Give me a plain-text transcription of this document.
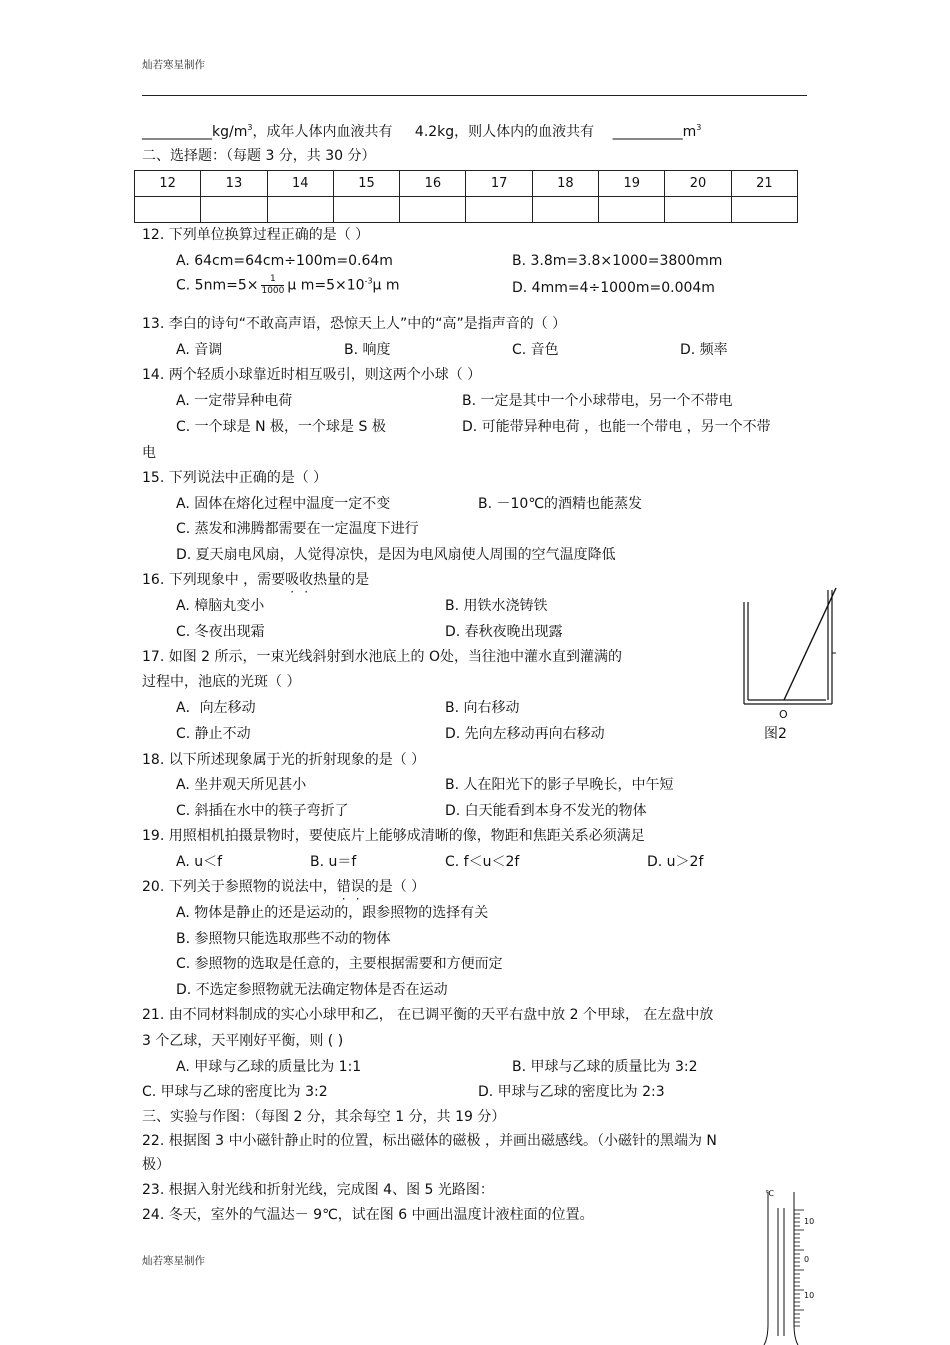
灿若寒星制作
$\_\_\_\_\_\_\_\_\_\_kg/m^3$，成年人体内血液共有 4.2kg，则人体内的血液共有 $\_\_\_\_\_\_\_\_\_\_m^3$
二、选择题：（每题 3 分，共 30 分）
12	13	14	15	16	17	18	19	20	21

12. 下列单位换算过程正确的是（ ）
A. 64cm=64cm÷100m=0.64m	B. 3.8m=3.8×1000=3800mm
C. $5nm=5\times \frac{1}{1000}$ μ $m=5\times 10^{-3}\mu$ m	D. 4mm=4÷1000m=0.004m
13. 李白的诗句“不敢高声语，恐惊天上人”中的“高”是指声音的（ ）
A. 音调	B. 响度	C. 音色	D. 频率
14. 两个轻质小球靠近时相互吸引，则这两个小球（ ）
A. 一定带异种电荷	B. 一定是其中一个小球带电，另一个不带电
C. 一个球是 N 极，一个球是 S 极	D. 可能带异种电荷 ，也能一个带电 ，另一个不带
电
15. 下列说法中正确的是（ ）
A. 固体在熔化过程中温度一定不变	B. －10℃的酒精也能蒸发
C. 蒸发和沸腾都需要在一定温度下进行
D. 夏天扇电风扇，人觉得凉快，是因为电风扇使人周围的空气温度降低
16. 下列现象中 ，需要吸收热量的是
A. 樟脑丸变小	B. 用铁水浇铸铁
C. 冬夜出现霜	D. 春秋夜晚出现露
O
17. 如图 2 所示，一束光线斜射到水池底上的 O处，当往池中灌水直到灌满的
过程中，池底的光斑（ ）
A．向左移动	B. 向右移动
C. 静止不动	D. 先向左移动再向右移动	图2
18. 以下所述现象属于光的折射现象的是（ ）
A. 坐井观天所见甚小	B. 人在阳光下的影子早晚长，中午短
C. 斜插在水中的筷子弯折了	D. 白天能看到本身不发光的物体
19. 用照相机拍摄景物时，要使底片上能够成清晰的像，物距和焦距关系必须满足
A. u＜f	B. u＝f	C. f＜u＜2f	D. u＞2f
20. 下列关于参照物的说法中，错误的是（ ）
A. 物体是静止的还是运动的，跟参照物的选择有关
B. 参照物只能选取那些不动的物体
C. 参照物的选取是任意的，主要根据需要和方便而定
D. 不选定参照物就无法确定物体是否在运动
21. 由不同材料制成的实心小球甲和乙， 在已调平衡的天平右盘中放 2 个甲球， 在左盘中放
3 个乙球，天平刚好平衡，则 ( )
A. 甲球与乙球的质量比为 1:1	B. 甲球与乙球的质量比为 3:2
C. 甲球与乙球的密度比为 3:2	D. 甲球与乙球的密度比为 2:3
三、实验与作图：（每图 2 分，其余每空 1 分，共 19 分）
22. 根据图 3 中小磁针静止时的位置，标出磁体的磁极 ，并画出磁感线。（小磁针的黑端为 N
极）
23. 根据入射光线和折射光线，完成图 4、图 5 光路图：
24. 冬天，室外的气温达－ 9℃，试在图 6 中画出温度计液柱面的位置。
℃
10
0
10
灿若寒星制作
